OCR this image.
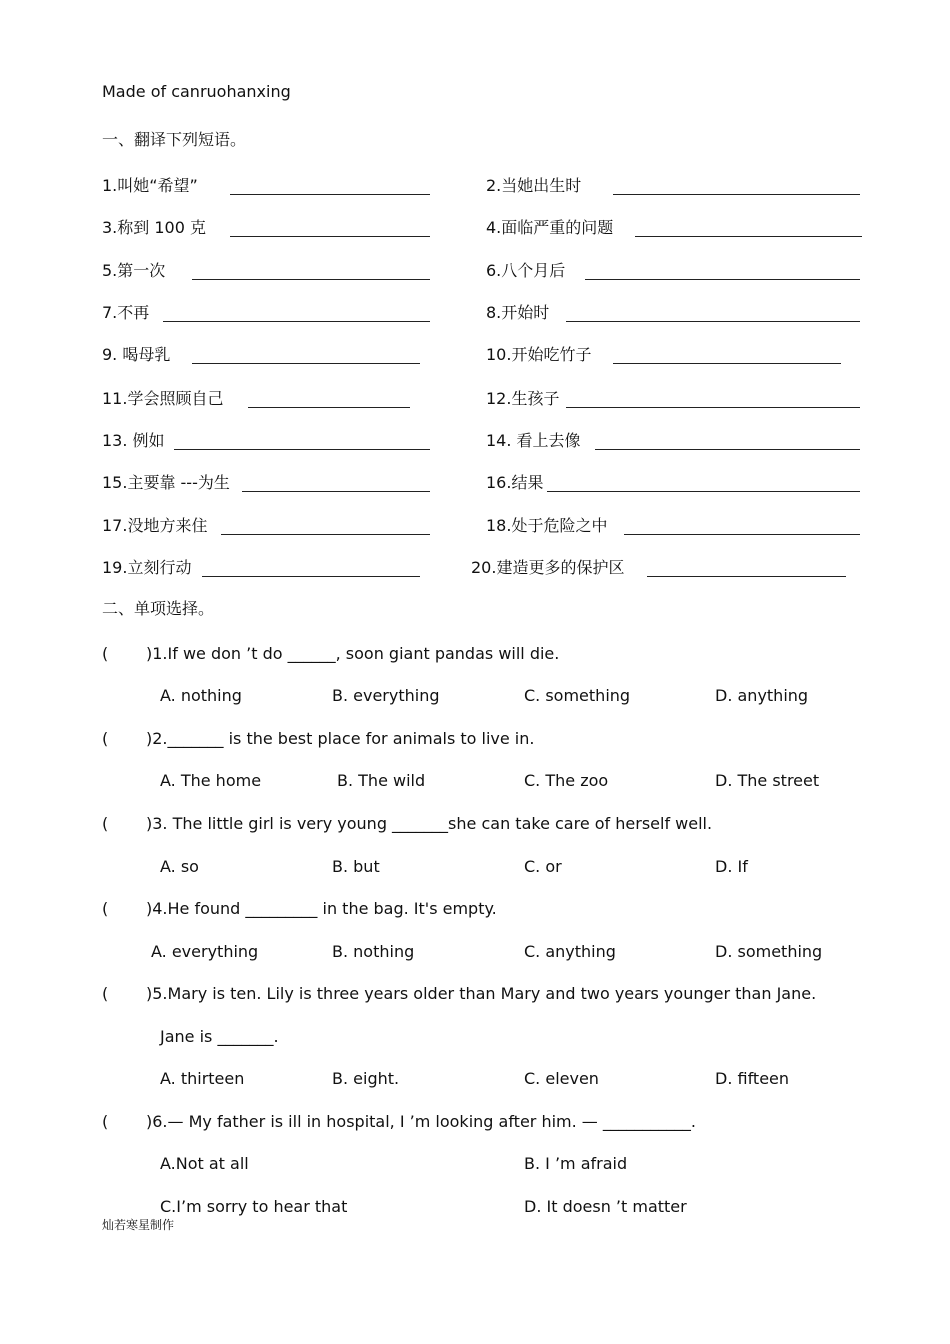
Made of canruohanxing
一、翻译下列短语。
1.叫她“希望”	2.当她出生时
3.称到 100 克	4.面临严重的问题
5.第一次	6.八个月后
7.不再	8.开始时
9. 喝母乳	10.开始吃竹子
11.学会照顾自己	12.生孩子
13. 例如	14. 看上去像
15.主要靠 ---为生	16.结果
17.没地方来住	18.处于危险之中
19.立刻行动	20.建造更多的保护区
二、单项选择。
( )1.If we don ’t do ______, soon giant pandas will die.
A. nothing	B. everything	C. something	D. anything
( )2._______ is the best place for animals to live in.
A. The home	B. The wild	C. The zoo	D. The street
( )3. The little girl is very young _______she can take care of herself well.
A. so	B. but	C. or	D. If
( )4.He found _________ in the bag. It's empty.
A. everything	B. nothing	C. anything	D. something
( )5.Mary is ten. Lily is three years older than Mary and two years younger than Jane.
Jane is _______.
A. thirteen	B. eight.	C. eleven	D. fifteen
( )6.— My father is ill in hospital, I ’m looking after him. — ___________.
A.Not at all	B. I ’m afraid
C.I’m sorry to hear that	D. It doesn ’t matter
灿若寒星制作
